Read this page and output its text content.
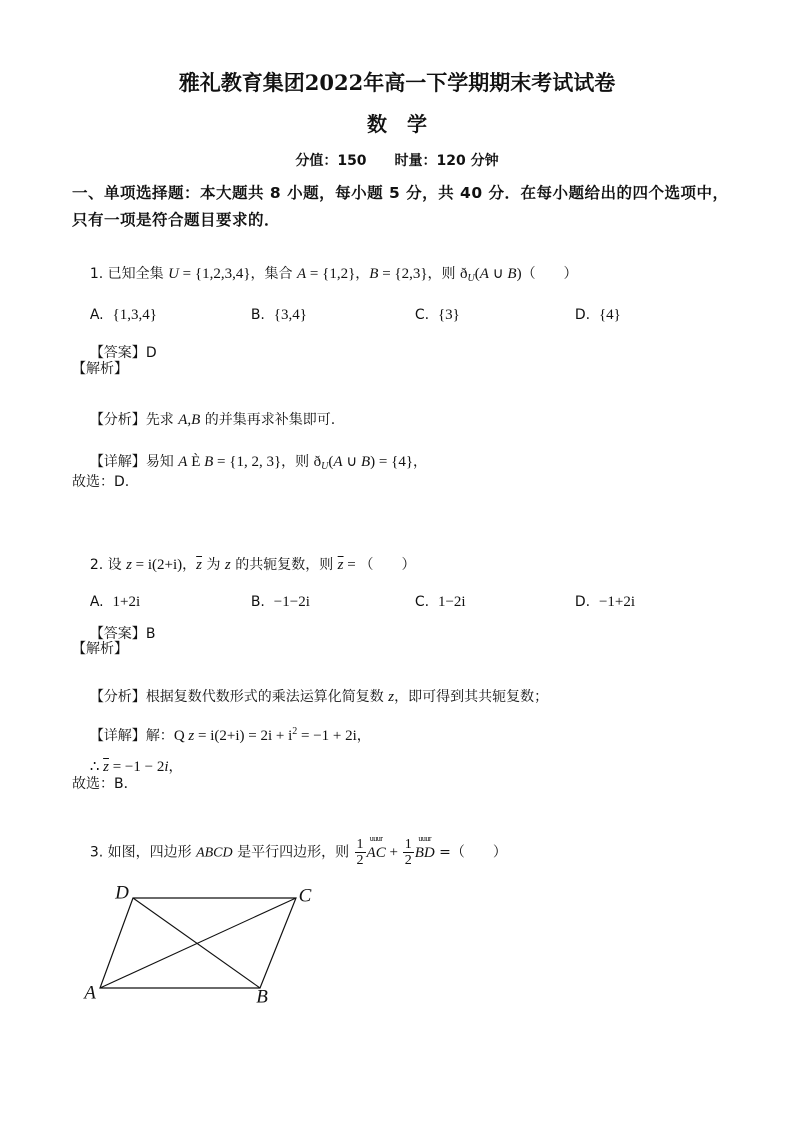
雅礼教育集团2022年高一下学期期末考试试卷
数　学
分值：150　　时量：120 分钟
一、单项选择题：本大题共 8 小题，每小题 5 分，共 40 分．在每小题给出的四个选项中，
只有一项是符合题目要求的．

1. 已知全集 U = {1,2,3,4}，集合 A = {1,2}，B = {2,3}，则 $ð_U(A$ ∪ B)（　　）

A. {1,3,4}
	B. {3,4}
	C. {3}
	D. {4}

【答案】D

【解析】

【分析】先求 A,B 的并集再求补集即可.

【详解】易知 A È B = {1, 2, 3}，则 $ð_U(A$ ∪ B) = {4}，

故选：D.

2. 设 z = i(2+i)，$\overline{z}$ 为 z 的共轭复数，则 $\overline{z}$ = （　　）

A. 1+2i
	B. −1−2i
	C. 1−2i
	D. −1+2i

【答案】B

【解析】

【分析】根据复数代数形式的乘法运算化简复数 z，即可得到其共轭复数；

【详解】解：Q $z = i(2+i) = 2i + i^2 = -1 + 2i$，

∴ $\overline{z} = -1 - 2i$，

故选：B．

3. 如图，四边形 ABCD 是平行四边形，则 $\frac{1}{2}$ uuur
AC + $\frac{1}{2}$ uuur
BD =（　　）

D	C
A	B
